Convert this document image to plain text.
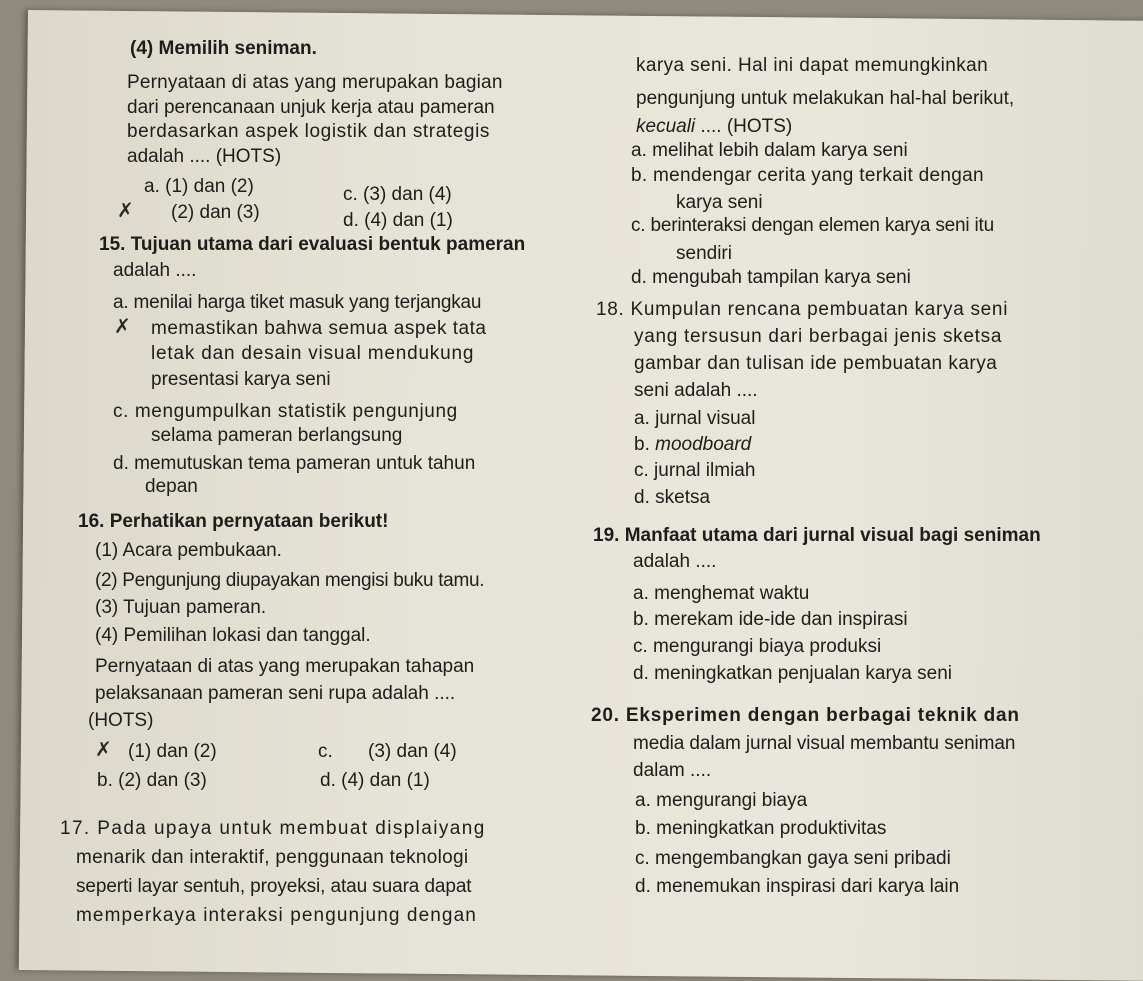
(4) Memilih seniman.
Pernyataan di atas yang merupakan bagian
dari perencanaan unjuk kerja atau pameran
berdasarkan aspek logistik dan strategis
adalah .... (HOTS)
a. (1) dan (2)
✗ (2) dan (3)
c. (3) dan (4)
d. (4) dan (1)
15. Tujuan utama dari evaluasi bentuk pameran
adalah ....
a. menilai harga tiket masuk yang terjangkau
✗ memastikan bahwa semua aspek tata
letak dan desain visual mendukung
presentasi karya seni
c. mengumpulkan statistik pengunjung
selama pameran berlangsung
d. memutuskan tema pameran untuk tahun
depan
16. Perhatikan pernyataan berikut!
(1) Acara pembukaan.
(2) Pengunjung diupayakan mengisi buku tamu.
(3) Tujuan pameran.
(4) Pemilihan lokasi dan tanggal.
Pernyataan di atas yang merupakan tahapan
pelaksanaan pameran seni rupa adalah ....
(HOTS)
✗ (1) dan (2)	c. (3) dan (4)
b. (2) dan (3)	d. (4) dan (1)
17. Pada upaya untuk membuat displaiyang
menarik dan interaktif, penggunaan teknologi
seperti layar sentuh, proyeksi, atau suara dapat
memperkaya interaksi pengunjung dengan
karya seni. Hal ini dapat memungkinkan
pengunjung untuk melakukan hal-hal berikut,
kecuali .... (HOTS)
a. melihat lebih dalam karya seni
b. mendengar cerita yang terkait dengan
karya seni
c. berinteraksi dengan elemen karya seni itu
sendiri
d. mengubah tampilan karya seni
18. Kumpulan rencana pembuatan karya seni
yang tersusun dari berbagai jenis sketsa
gambar dan tulisan ide pembuatan karya
seni adalah ....
a. jurnal visual
b. moodboard
c. jurnal ilmiah
d. sketsa
19. Manfaat utama dari jurnal visual bagi seniman
adalah ....
a. menghemat waktu
b. merekam ide-ide dan inspirasi
c. mengurangi biaya produksi
d. meningkatkan penjualan karya seni
20. Eksperimen dengan berbagai teknik dan
media dalam jurnal visual membantu seniman
dalam ....
a. mengurangi biaya
b. meningkatkan produktivitas
c. mengembangkan gaya seni pribadi
d. menemukan inspirasi dari karya lain
